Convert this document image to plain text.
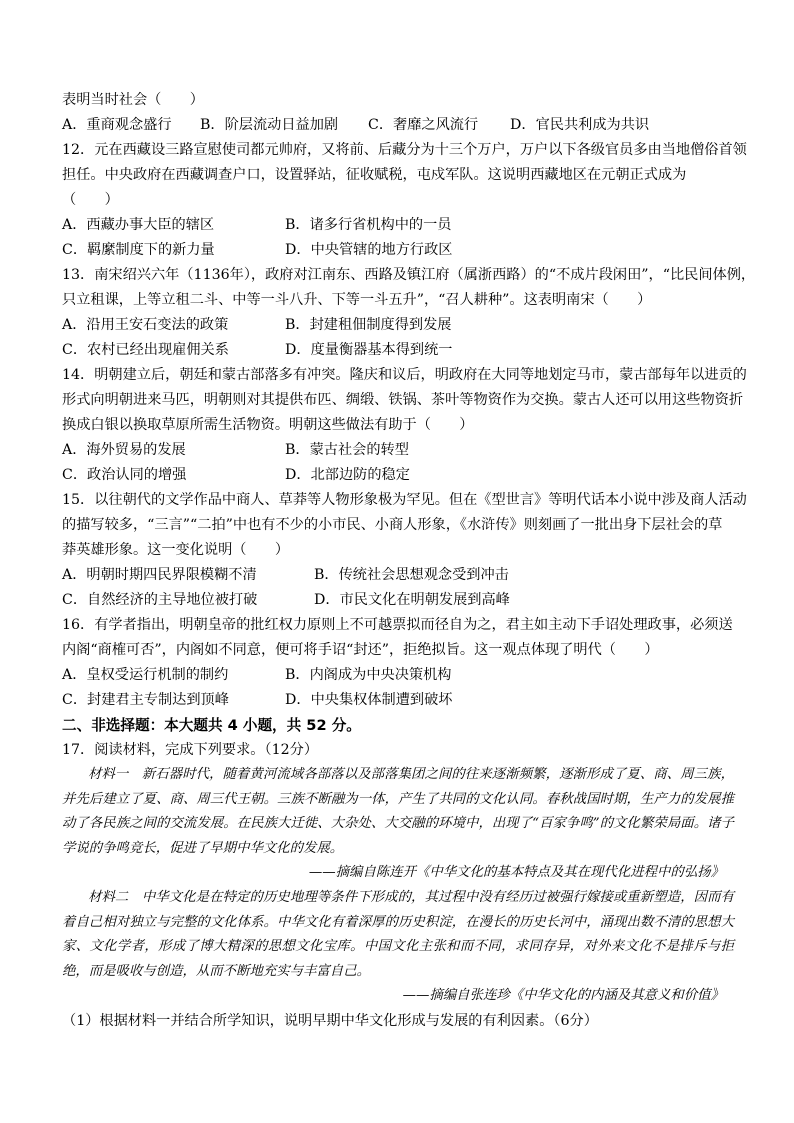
表明当时社会（　　）
A．重商观念盛行	B．阶层流动日益加剧	C．奢靡之风流行	D．官民共利成为共识
12．元在西藏设三路宣慰使司都元帅府，又将前、后藏分为十三个万户，万户以下各级官员多由当地僧俗首领
担任。中央政府在西藏调查户口，设置驿站，征收赋税，屯戍军队。这说明西藏地区在元朝正式成为
（　　）
A．西藏办事大臣的辖区	B．诸多行省机构中的一员
C．羁縻制度下的新力量	D．中央管辖的地方行政区
13．南宋绍兴六年（1136年），政府对江南东、西路及镇江府（属浙西路）的“不成片段闲田”，“比民间体例，
只立租课，上等立租二斗、中等一斗八升、下等一斗五升”，“召人耕种”。这表明南宋（　　）
A．沿用王安石变法的政策	B．封建租佃制度得到发展
C．农村已经出现雇佣关系	D．度量衡器基本得到统一
14．明朝建立后，朝廷和蒙古部落多有冲突。隆庆和议后，明政府在大同等地划定马市，蒙古部每年以进贡的
形式向明朝进来马匹，明朝则对其提供布匹、绸缎、铁锅、茶叶等物资作为交换。蒙古人还可以用这些物资折
换成白银以换取草原所需生活物资。明朝这些做法有助于（　　）
A．海外贸易的发展	B．蒙古社会的转型
C．政治认同的增强	D．北部边防的稳定
15．以往朝代的文学作品中商人、草莽等人物形象极为罕见。但在《型世言》等明代话本小说中涉及商人活动
的描写较多，“三言”“二拍”中也有不少的小市民、小商人形象，《水浒传》则刻画了一批出身下层社会的草
莽英雄形象。这一变化说明（　　）
A．明朝时期四民界限模糊不清	B．传统社会思想观念受到冲击
C．自然经济的主导地位被打破	D．市民文化在明朝发展到高峰
16．有学者指出，明朝皇帝的批红权力原则上不可越票拟而径自为之，君主如主动下手诏处理政事，必须送
内阁“商榷可否”，内阁如不同意，便可将手诏“封还”，拒绝拟旨。这一观点体现了明代（　　）
A．皇权受运行机制的制约	B．内阁成为中央决策机构
C．封建君主专制达到顶峰	D．中央集权体制遭到破坏
二、非选择题：本大题共 4 小题，共 52 分。
17．阅读材料，完成下列要求。（12分）
材料一　新石器时代，随着黄河流域各部落以及部落集团之间的往来逐渐频繁，逐渐形成了夏、商、周三族，并先后建立了夏、商、周三代王朝。三族不断融为一体，产生了共同的文化认同。春秋战国时期，生产力的发展推动了各民族之间的交流发展。在民族大迁徙、大杂处、大交融的环境中，出现了“百家争鸣”的文化繁荣局面。诸子学说的争鸣竞长，促进了早期中华文化的发展。
——摘编自陈连开《中华文化的基本特点及其在现代化进程中的弘扬》
材料二　中华文化是在特定的历史地理等条件下形成的，其过程中没有经历过被强行嫁接或重新塑造，因而有着自己相对独立与完整的文化体系。中华文化有着深厚的历史积淀，在漫长的历史长河中，涌现出数不清的思想大家、文化学者，形成了博大精深的思想文化宝库。中国文化主张和而不同，求同存异，对外来文化不是排斥与拒绝，而是吸收与创造，从而不断地充实与丰富自己。
——摘编自张连珍《中华文化的内涵及其意义和价值》
（1）根据材料一并结合所学知识，说明早期中华文化形成与发展的有利因素。（6分）
